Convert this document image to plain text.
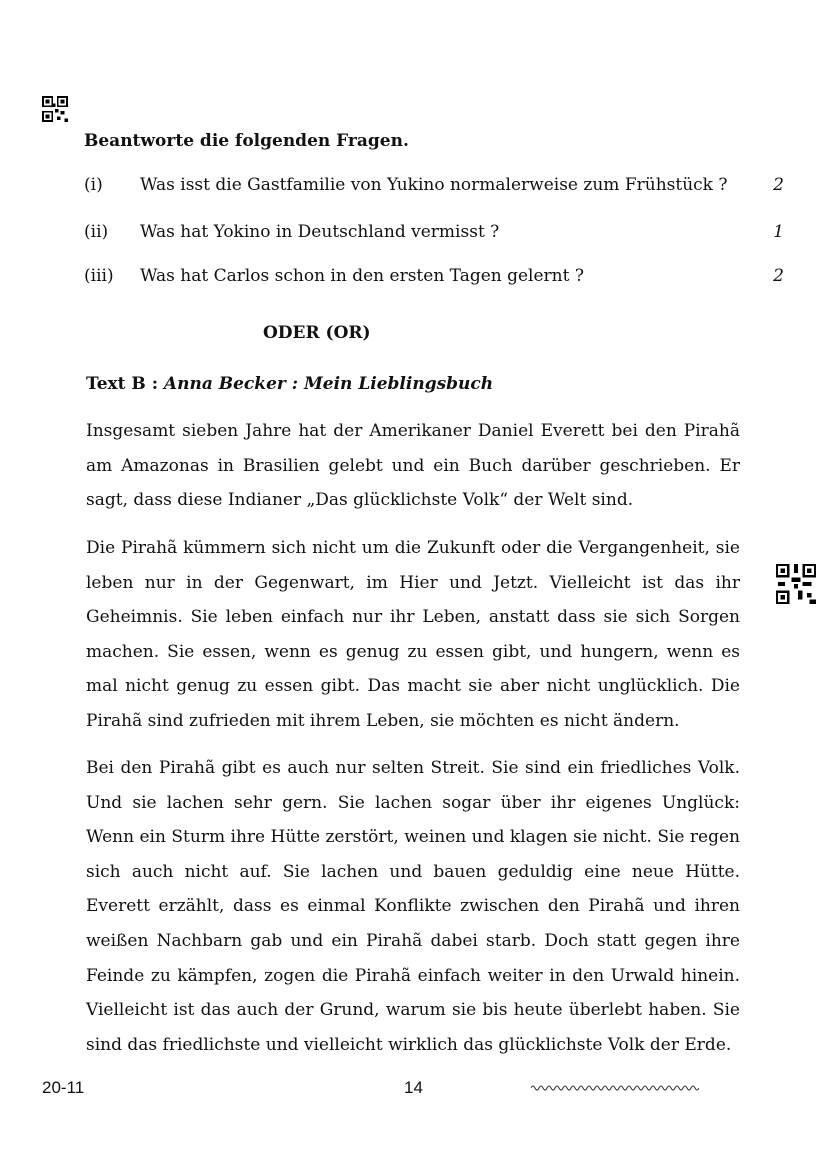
Beantworte die folgenden Fragen.
(i) Was isst die Gastfamilie von Yukino normalerweise zum Frühstück ?	2
(ii) Was hat Yokino in Deutschland vermisst ?	1
(iii) Was hat Carlos schon in den ersten Tagen gelernt ?	2
ODER (OR)
Text B : Anna Becker : Mein Lieblingsbuch

Insgesamt sieben Jahre hat der Amerikaner Daniel Everett bei den Pirahã am Amazonas in Brasilien gelebt und ein Buch darüber geschrieben. Er sagt, dass diese Indianer „Das glücklichste Volk“ der Welt sind.

Die Pirahã kümmern sich nicht um die Zukunft oder die Vergangenheit, sie leben nur in der Gegenwart, im Hier und Jetzt. Vielleicht ist das ihr Geheimnis. Sie leben einfach nur ihr Leben, anstatt dass sie sich Sorgen machen. Sie essen, wenn es genug zu essen gibt, und hungern, wenn es mal nicht genug zu essen gibt. Das macht sie aber nicht unglücklich. Die Pirahã sind zufrieden mit ihrem Leben, sie möchten es nicht ändern.

Bei den Pirahã gibt es auch nur selten Streit. Sie sind ein friedliches Volk. Und sie lachen sehr gern. Sie lachen sogar über ihr eigenes Unglück: Wenn ein Sturm ihre Hütte zerstört, weinen und klagen sie nicht. Sie regen sich auch nicht auf. Sie lachen und bauen geduldig eine neue Hütte. Everett erzählt, dass es einmal Konflikte zwischen den Pirahã und ihren weißen Nachbarn gab und ein Pirahã dabei starb. Doch statt gegen ihre Feinde zu kämpfen, zogen die Pirahã einfach weiter in den Urwald hinein. Vielleicht ist das auch der Grund, warum sie bis heute überlebt haben. Sie sind das friedlichste und vielleicht wirklich das glücklichste Volk der Erde.

20-11	14
